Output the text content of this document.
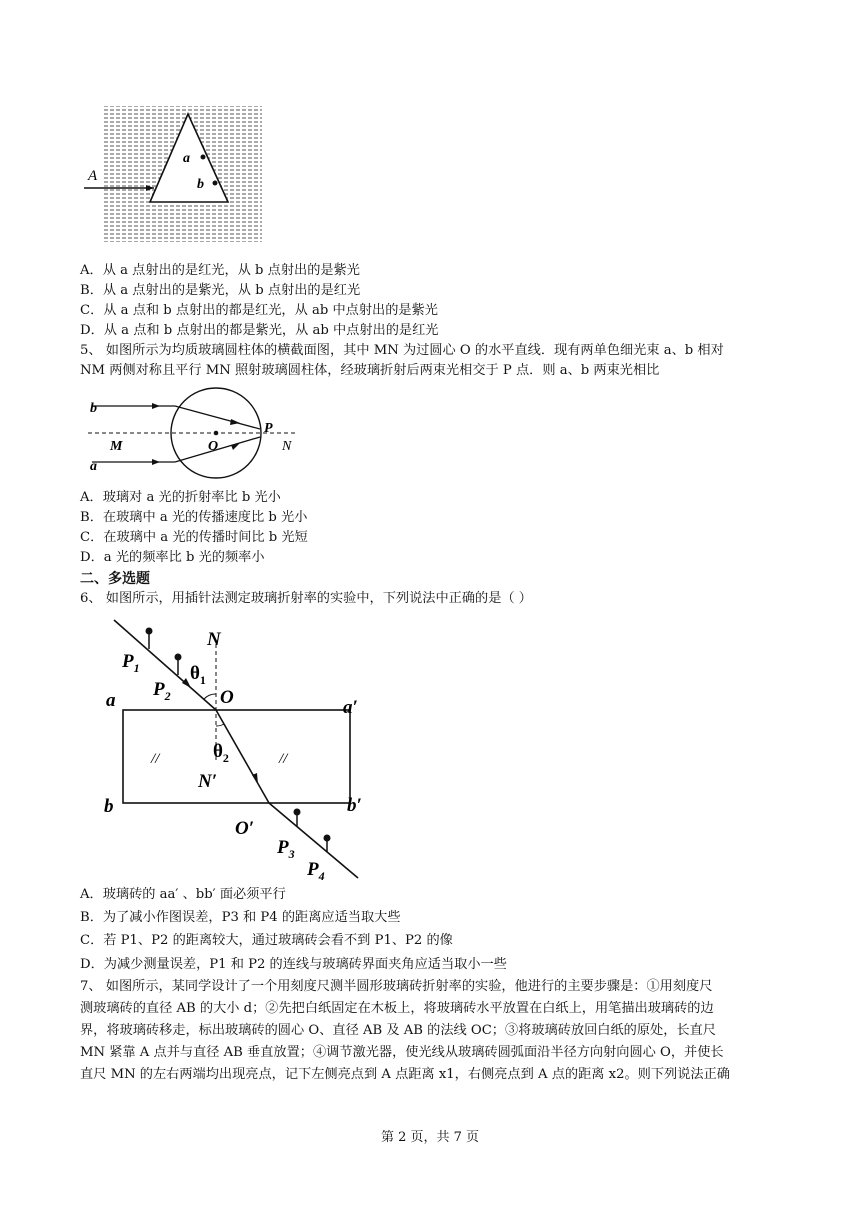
A
a
b
A．从 a 点射出的是红光，从 b 点射出的是紫光
B．从 a 点射出的是紫光，从 b 点射出的是红光
C．从 a 点和 b 点射出的都是红光，从 ab 中点射出的是紫光
D．从 a 点和 b 点射出的都是紫光，从 ab 中点射出的是红光
5、 如图所示为均质玻璃圆柱体的横截面图，其中 MN 为过圆心 O 的水平直线．现有两单色细光束 a、b 相对
NM 两侧对称且平行 MN 照射玻璃圆柱体，经玻璃折射后两束光相交于 P 点．则 a、b 两束光相比
b
M	O
P
N
a
A．玻璃对 a 光的折射率比 b 光小
B．在玻璃中 a 光的传播速度比 b 光小
C．在玻璃中 a 光的传播时间比 b 光短
D．a 光的频率比 b 光的频率小
二、多选题
6、 如图所示，用插针法测定玻璃折射率的实验中，下列说法中正确的是（ ）
N
$P_1$
$P_2$
$\theta_1$
O
a	a′
//	//
$\theta_2$
N′
b	b′
O′
$P_3$
$P_4$
A．玻璃砖的 aa′ 、bb′ 面必须平行
B．为了减小作图误差，P3 和 P4 的距离应适当取大些
C．若 P1、P2 的距离较大，通过玻璃砖会看不到 P1、P2 的像
D．为减少测量误差，P1 和 P2 的连线与玻璃砖界面夹角应适当取小一些
7、 如图所示，某同学设计了一个用刻度尺测半圆形玻璃砖折射率的实验，他进行的主要步骤是：①用刻度尺
测玻璃砖的直径 AB 的大小 d；②先把白纸固定在木板上，将玻璃砖水平放置在白纸上，用笔描出玻璃砖的边
界，将玻璃砖移走，标出玻璃砖的圆心 O、直径 AB 及 AB 的法线 OC；③将玻璃砖放回白纸的原处，长直尺
MN 紧靠 A 点并与直径 AB 垂直放置；④调节激光器，使光线从玻璃砖圆弧面沿半径方向射向圆心 O，并使长
直尺 MN 的左右两端均出现亮点，记下左侧亮点到 A 点距离 x1，右侧亮点到 A 点的距离 x2。则下列说法正确
第 2 页，共 7 页
